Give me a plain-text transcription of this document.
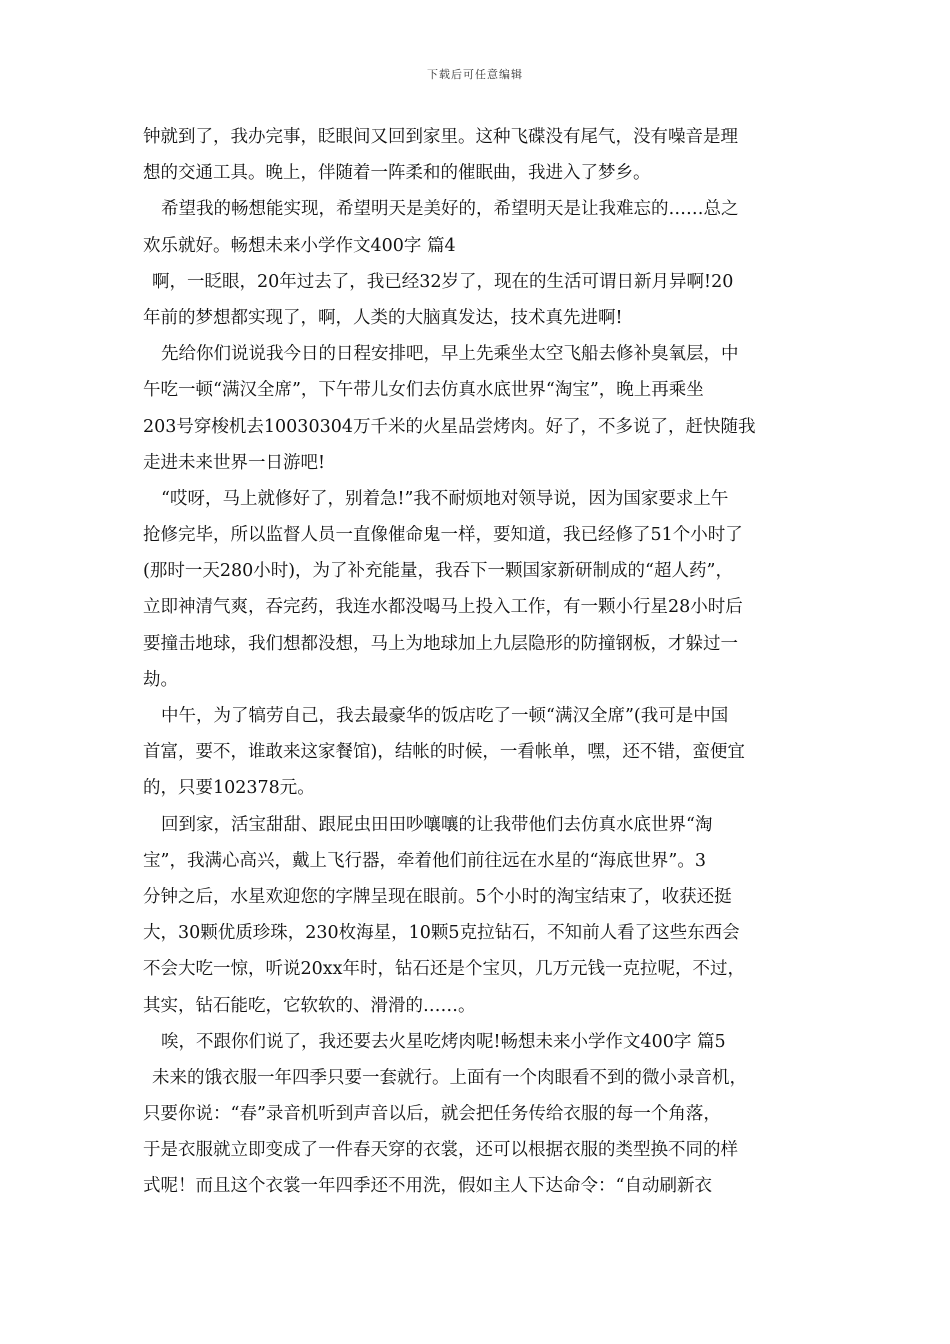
下载后可任意编辑
钟就到了，我办完事，眨眼间又回到家里。这种飞碟没有尾气，没有噪音是理
想的交通工具。晚上，伴随着一阵柔和的催眠曲，我进入了梦乡。
希望我的畅想能实现，希望明天是美好的，希望明天是让我难忘的……总之
欢乐就好。畅想未来小学作文400字 篇4
啊，一眨眼，20年过去了，我已经32岁了，现在的生活可谓日新月异啊!20
年前的梦想都实现了，啊，人类的大脑真发达，技术真先进啊!
先给你们说说我今日的日程安排吧，早上先乘坐太空飞船去修补臭氧层，中
午吃一顿“满汉全席”，下午带儿女们去仿真水底世界“淘宝”，晚上再乘坐
203号穿梭机去10030304万千米的火星品尝烤肉。好了，不多说了，赶快随我
走进未来世界一日游吧!
“哎呀，马上就修好了，别着急!”我不耐烦地对领导说，因为国家要求上午
抢修完毕，所以监督人员一直像催命鬼一样，要知道，我已经修了51个小时了
(那时一天280小时)，为了补充能量，我吞下一颗国家新研制成的“超人药”，
立即神清气爽，吞完药，我连水都没喝马上投入工作，有一颗小行星28小时后
要撞击地球，我们想都没想，马上为地球加上九层隐形的防撞钢板，才躲过一
劫。
中午，为了犒劳自己，我去最豪华的饭店吃了一顿“满汉全席”(我可是中国
首富，要不，谁敢来这家餐馆)，结帐的时候，一看帐单，嘿，还不错，蛮便宜
的，只要102378元。
回到家，活宝甜甜、跟屁虫田田吵嚷嚷的让我带他们去仿真水底世界“淘
宝”，我满心高兴，戴上飞行器，牵着他们前往远在水星的“海底世界”。3
分钟之后，水星欢迎您的字牌呈现在眼前。5个小时的淘宝结束了，收获还挺
大，30颗优质珍珠，230枚海星，10颗5克拉钻石，不知前人看了这些东西会
不会大吃一惊，听说20xx年时，钻石还是个宝贝，几万元钱一克拉呢，不过，
其实，钻石能吃，它软软的、滑滑的……。
唉，不跟你们说了，我还要去火星吃烤肉呢!畅想未来小学作文400字 篇5
未来的饿衣服一年四季只要一套就行。上面有一个肉眼看不到的微小录音机，
只要你说：“春”录音机听到声音以后，就会把任务传给衣服的每一个角落，
于是衣服就立即变成了一件春天穿的衣裳，还可以根据衣服的类型换不同的样
式呢！而且这个衣裳一年四季还不用洗，假如主人下达命令：“自动刷新衣
